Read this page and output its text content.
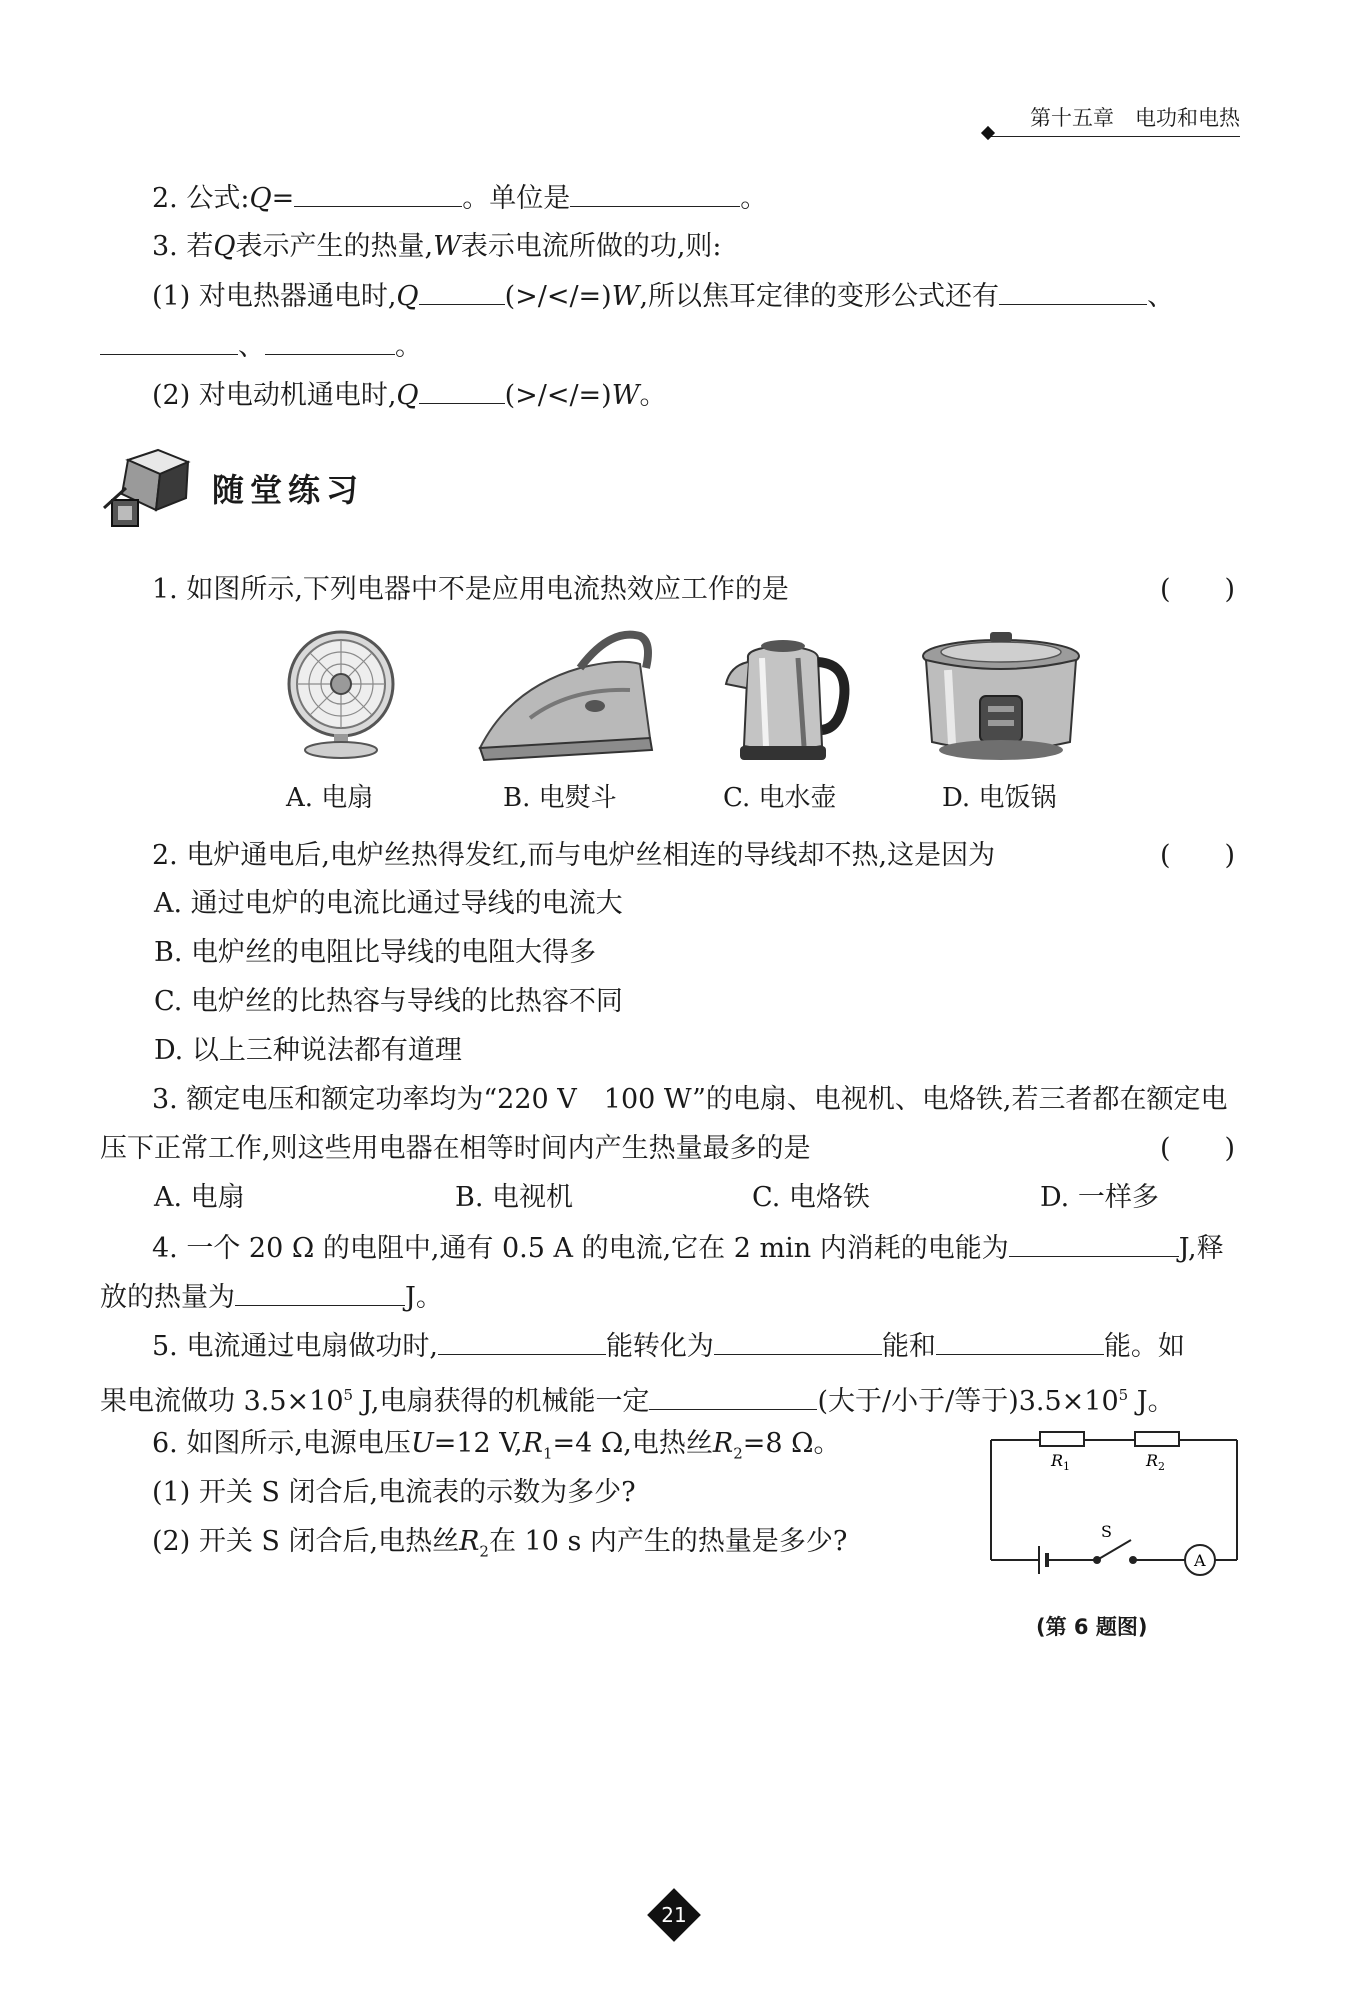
第十五章　电功和电热
2. 公式:Q=	。单位是	。
3. 若Q表示产生的热量,W表示电流所做的功,则:
(1) 对电热器通电时,Q	(>/</=)W,所以焦耳定律的变形公式还有	、
、	。
(2) 对电动机通电时,Q	(>/</=)W。
随堂练习
1. 如图所示,下列电器中不是应用电流热效应工作的是	(　　)
A. 电扇	B. 电熨斗	C. 电水壶	D. 电饭锅
2. 电炉通电后,电炉丝热得发红,而与电炉丝相连的导线却不热,这是因为	(　　)
A. 通过电炉的电流比通过导线的电流大
B. 电炉丝的电阻比导线的电阻大得多
C. 电炉丝的比热容与导线的比热容不同
D. 以上三种说法都有道理
3. 额定电压和额定功率均为“220 V　100 W”的电扇、电视机、电烙铁,若三者都在额定电
压下正常工作,则这些用电器在相等时间内产生热量最多的是	(　　)
A. 电扇	B. 电视机	C. 电烙铁	D. 一样多
4. 一个 20 Ω 的电阻中,通有 0.5 A 的电流,它在 2 min 内消耗的电能为	J,释
放的热量为	J。
5. 电流通过电扇做功时,	能转化为	能和	能。如
果电流做功 $3.5\times 10^5$ J,电扇获得的机械能一定	(大于/小于/等于)$3.5\times 10^5$ J。
6. 如图所示,电源电压U=12 $V,R_1=4$ Ω,电热丝$R_2=8$ Ω。
(1) 开关 S 闭合后,电流表的示数为多少?
(2) 开关 S 闭合后,电热丝$R_2$在 10 s 内产生的热量是多少?
$R_1$	$R_2$
S
A
(第 6 题图)
21
